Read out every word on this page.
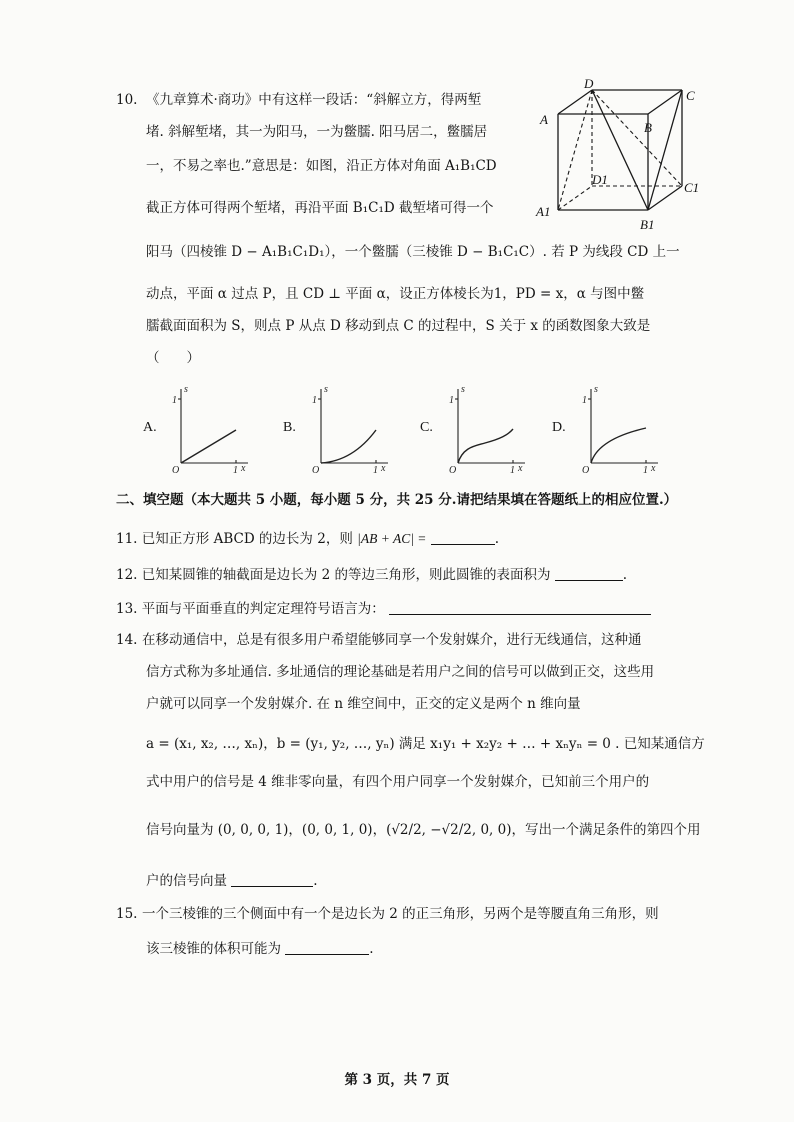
10. 《九章算术·商功》中有这样一段话：“斜解立方，得两堑
堵. 斜解堑堵，其一为阳马，一为鳖臑. 阳马居二，鳖臑居
一，不易之率也.”意思是：如图，沿正方体对角面 A₁B₁CD
截正方体可得两个堑堵，再沿平面 B₁C₁D 截堑堵可得一个
阳马（四棱锥 D − A₁B₁C₁D₁），一个鳖臑（三棱锥 D − B₁C₁C）. 若 P 为线段 CD 上一
动点，平面 α 过点 P，且 CD ⊥ 平面 α，设正方体棱长为1，PD = x，α 与图中鳖
臑截面面积为 S，则点 P 从点 D 移动到点 C 的过程中，S 关于 x 的函数图象大致是
（　　）
D
C
A
B
D1
C1
A1
B1
A.	B.	C.	D.
s
1
O	1 x
s
1
O	1 x
s
1
O	1 x
s
1
O	1 x
二、填空题（本大题共 5 小题，每小题 5 分，共 25 分.请把结果填在答题纸上的相应位置.）
11. 已知正方形 ABCD 的边长为 2，则 |AB + AC| =	.
12. 已知某圆锥的轴截面是边长为 2 的等边三角形，则此圆锥的表面积为	.
13. 平面与平面垂直的判定定理符号语言为：
14. 在移动通信中，总是有很多用户希望能够同享一个发射媒介，进行无线通信，这种通
信方式称为多址通信. 多址通信的理论基础是若用户之间的信号可以做到正交，这些用
户就可以同享一个发射媒介. 在 n 维空间中，正交的定义是两个 n 维向量
a = (x₁, x₂, …, xₙ)，b = (y₁, y₂, …, yₙ) 满足 x₁y₁ + x₂y₂ + … + xₙyₙ = 0 . 已知某通信方
式中用户的信号是 4 维非零向量，有四个用户同享一个发射媒介，已知前三个用户的
信号向量为 (0, 0, 0, 1)，(0, 0, 1, 0)，(√2/2, −√2/2, 0, 0)，写出一个满足条件的第四个用
户的信号向量	.
15. 一个三棱锥的三个侧面中有一个是边长为 2 的正三角形，另两个是等腰直角三角形，则
该三棱锥的体积可能为	.
第 3 页，共 7 页
